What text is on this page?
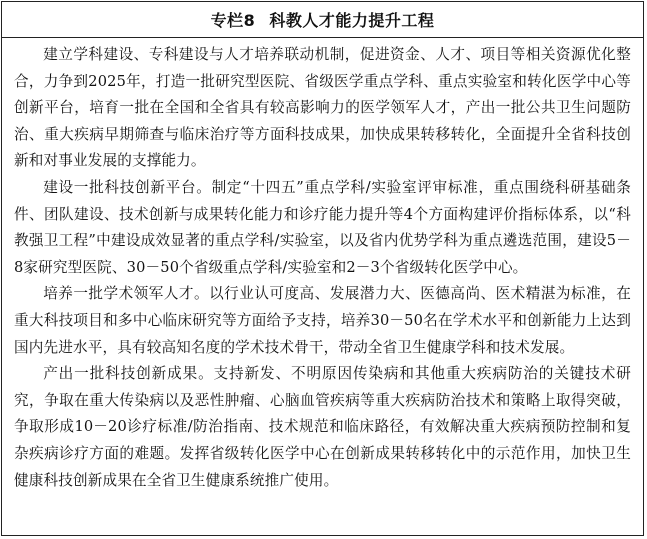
专栏8 科教人才能力提升工程

建立学科建设、专科建设与人才培养联动机制，促进资金、人才、项目等相关资源优化整合，力争到2025年，打造一批研究型医院、省级医学重点学科、重点实验室和转化医学中心等创新平台，培育一批在全国和全省具有较高影响力的医学领军人才，产出一批公共卫生问题防治、重大疾病早期筛查与临床治疗等方面科技成果，加快成果转移转化，全面提升全省科技创新和对事业发展的支撑能力。

建设一批科技创新平台。制定“十四五”重点学科/实验室评审标准，重点围绕科研基础条件、团队建设、技术创新与成果转化能力和诊疗能力提升等4个方面构建评价指标体系，以“科教强卫工程”中建设成效显著的重点学科/实验室，以及省内优势学科为重点遴选范围，建设5－8家研究型医院、30－50个省级重点学科/实验室和2－3个省级转化医学中心。

培养一批学术领军人才。以行业认可度高、发展潜力大、医德高尚、医术精湛为标准，在重大科技项目和多中心临床研究等方面给予支持，培养30－50名在学术水平和创新能力上达到国内先进水平，具有较高知名度的学术技术骨干，带动全省卫生健康学科和技术发展。

产出一批科技创新成果。支持新发、不明原因传染病和其他重大疾病防治的关键技术研究，争取在重大传染病以及恶性肿瘤、心脑血管疾病等重大疾病防治技术和策略上取得突破，争取形成10－20诊疗标准/防治指南、技术规范和临床路径，有效解决重大疾病预防控制和复杂疾病诊疗方面的难题。发挥省级转化医学中心在创新成果转移转化中的示范作用，加快卫生健康科技创新成果在全省卫生健康系统推广使用。
